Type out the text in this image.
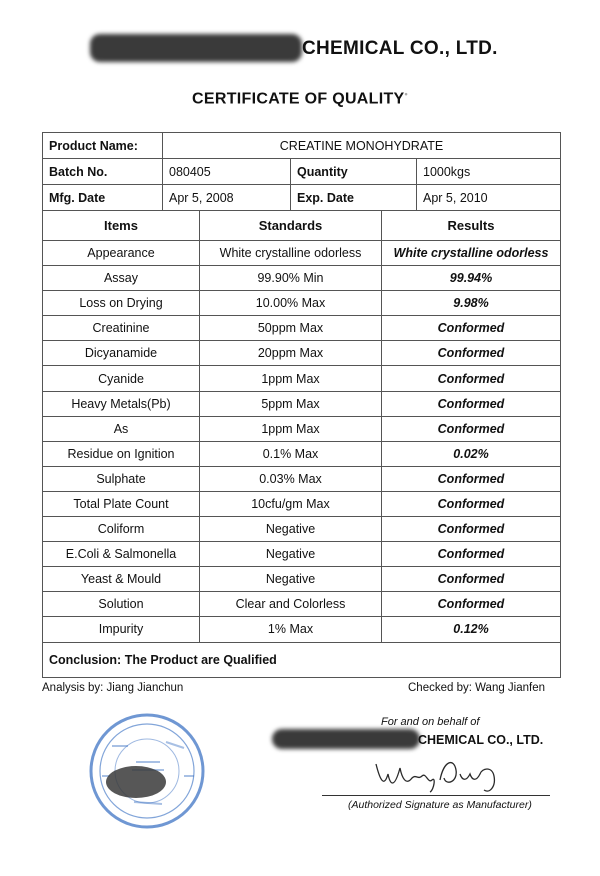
CHEMICAL CO., LTD.
CERTIFICATE OF QUALITY•
Product Name:	CREATINE MONOHYDRATE		
Batch No.	080405	Quantity	1000kgs
Mfg. Date	Apr 5, 2008	Exp. Date	Apr 5, 2010
Items	Standards	Results
Appearance	White crystalline odorless	White crystalline odorless
Assay	99.90% Min	99.94%
Loss on Drying	10.00% Max	9.98%
Creatinine	50ppm Max	Conformed
Dicyanamide	20ppm Max	Conformed
Cyanide	1ppm Max	Conformed
Heavy Metals(Pb)	5ppm Max	Conformed
As	1ppm Max	Conformed
Residue on Ignition	0.1% Max	0.02%
Sulphate	0.03% Max	Conformed
Total Plate Count	10cfu/gm Max	Conformed
Coliform	Negative	Conformed
E.Coli & Salmonella	Negative	Conformed
Yeast & Mould	Negative	Conformed
Solution	Clear and Colorless	Conformed
Impurity	1% Max	0.12%
Conclusion: The Product are Qualified
Analysis by: Jiang Jianchun	Checked by: Wang Jianfen
For and on behalf of
CHEMICAL CO., LTD.
(Authorized Signature as Manufacturer)
